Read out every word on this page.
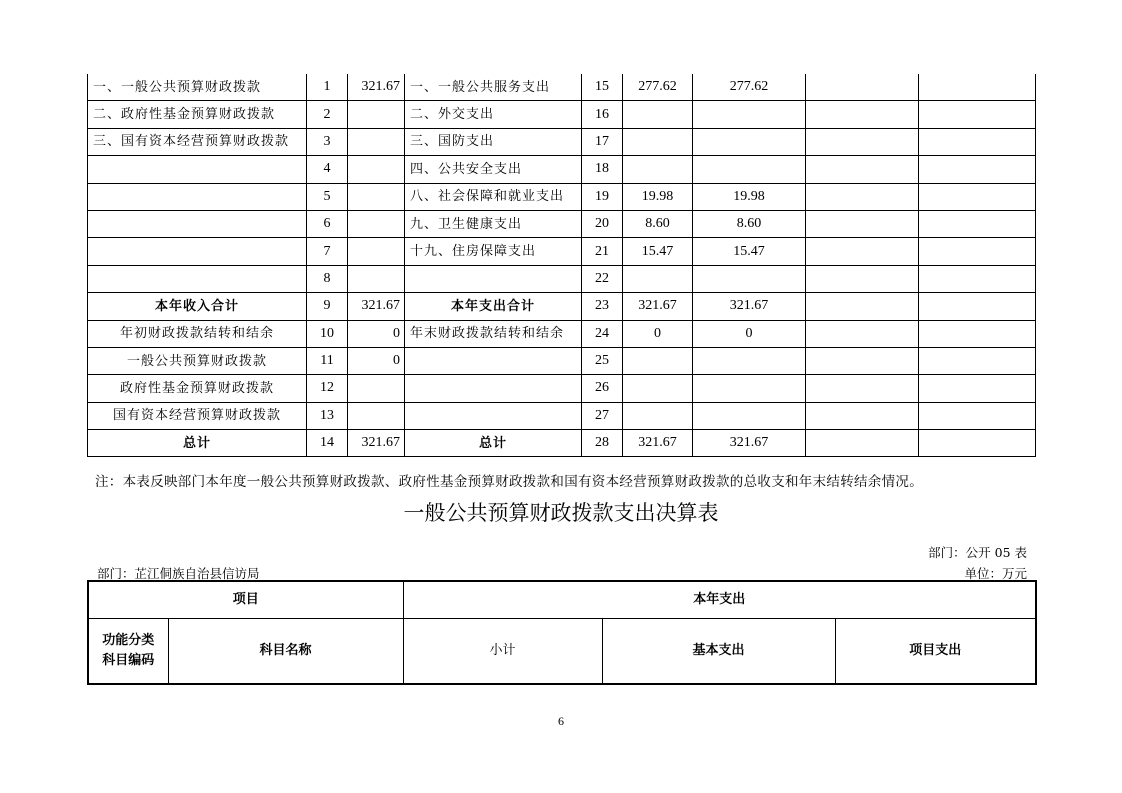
一、一般公共预算财政拨款	1	321.67	一、一般公共服务支出	15	277.62	277.62		
二、政府性基金预算财政拨款	2		二、外交支出	16				
三、国有资本经营预算财政拨款	3		三、国防支出	17				
	4		四、公共安全支出	18				
	5		八、社会保障和就业支出	19	19.98	19.98		
	6		九、卫生健康支出	20	8.60	8.60		
	7		十九、住房保障支出	21	15.47	15.47		
	8			22				
本年收入合计	9	321.67	本年支出合计	23	321.67	321.67		
年初财政拨款结转和结余	10	0	年末财政拨款结转和结余	24	0	0		
一般公共预算财政拨款	11	0		25				
政府性基金预算财政拨款	12			26				
国有资本经营预算财政拨款	13			27				
总计	14	321.67	总计	28	321.67	321.67		
注：本表反映部门本年度一般公共预算财政拨款、政府性基金预算财政拨款和国有资本经营预算财政拨款的总收支和年末结转结余情况。
一般公共预算财政拨款支出决算表
部门：公开 05 表
部门：芷江侗族自治县信访局	单位：万元
项目		本年支出		
功能分类
科目编码	科目名称	小计	基本支出	项目支出
6
